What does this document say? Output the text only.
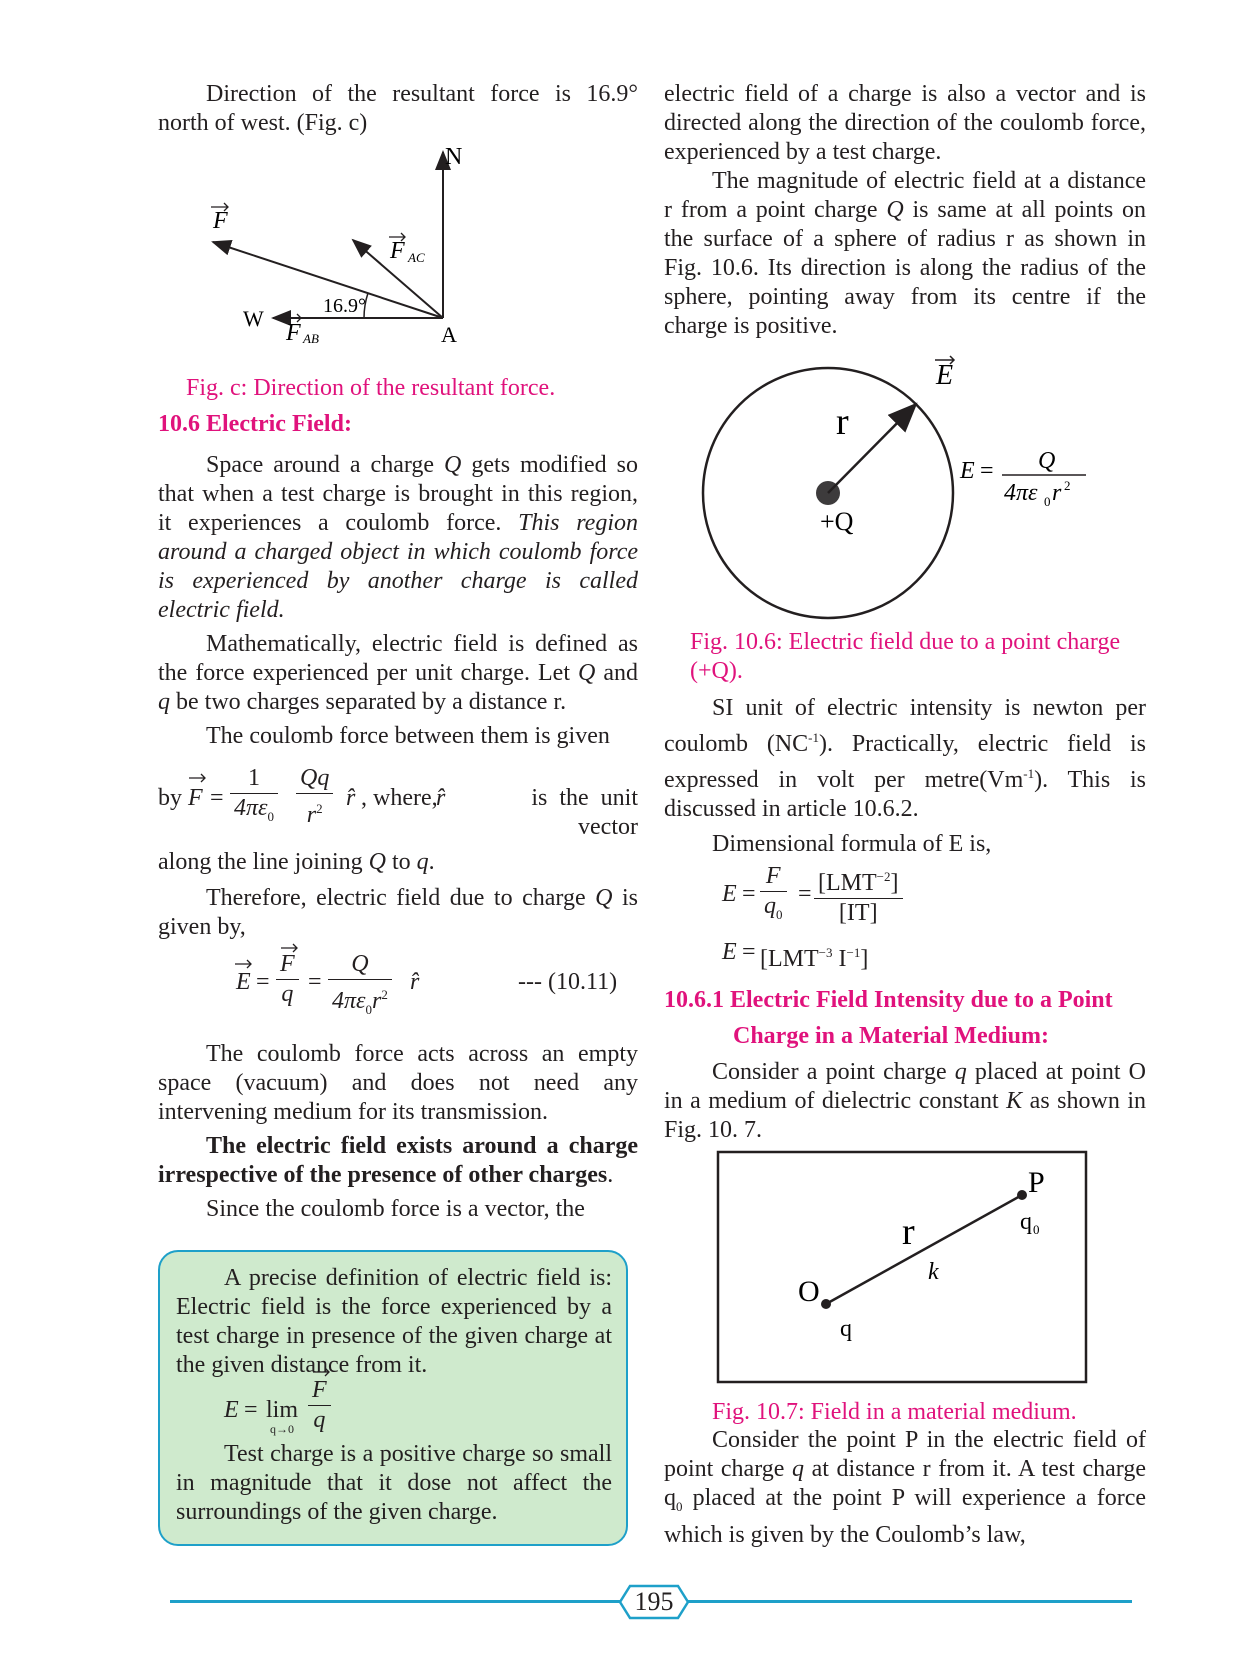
Direction of the resultant force is 16.9° north of west. (Fig. c)

N
W
A
16.9°
F
F AC
F AB
Fig. c: Direction of the resultant force.
10.6 Electric Field:

Space around a charge Q gets modified so that when a test charge is brought in this region, it experiences a coulomb force. This region around a charged object in which coulomb force is experienced by another charge is called electric field.

Mathematically, electric field is defined as the force experienced per unit charge. Let Q and q be two charges separated by a distance r.

The coulomb force between them is given

by $F = \frac{1}{4\pi\varepsilon_0} \frac{Qq}{r^2}$ r̂ , where,
r̂	is the unit vector

along the line joining Q to q.

Therefore, electric field due to charge Q is given by,

$E = \frac{F}{q} = \frac{Q}{4\pi\varepsilon_0r^2}$ r̂	--- (10.11)

The coulomb force acts across an empty space (vacuum) and does not need any intervening medium for its transmission.

The electric field exists around a charge irrespective of the presence of other charges.

Since the coulomb force is a vector, the

A precise definition of electric field is: Electric field is the force experienced by a test charge in presence of the given charge at the given distance from it.

E = lim
$q\to 0 \frac{F}{q}$

Test charge is a positive charge so small in magnitude that it dose not affect the surroundings of the given charge.

electric field of a charge is also a vector and is directed along the direction of the coulomb force, experienced by a test charge.

The magnitude of electric field at a distance r from a point charge Q is same at all points on the surface of a sphere of radius r as shown in Fig. 10.6. Its direction is along the radius of the sphere, pointing away from its centre if the charge is positive.

r
+Q
E
E = Q
4πε 0 r 2
Fig. 10.6: Electric field due to a point charge (+Q).

SI unit of electric intensity is newton per coulomb $(NC^{-1})$. Practically, electric field is expressed in volt per $metre(Vm^{-1})$. This is discussed in article 10.6.2.

Dimensional formula of E is,

$E = \frac{F}{q_0} = [LMT^{-2}]$
[IT]
$E = [LMT^{-3}$ $I^{-1}$]
10.6.1 Electric Field Intensity due to a Point
Charge in a Material Medium:

Consider a point charge q placed at point O in a medium of dielectric constant K as shown in Fig. 10. 7.

P
q 0
r
k
O
q
Fig. 10.7: Field in a material medium.

Consider the point P in the electric field of point charge q at distance r from it. A test charge $q_0$ placed at the point P will experience a force which is given by the Coulomb’s law,

195
